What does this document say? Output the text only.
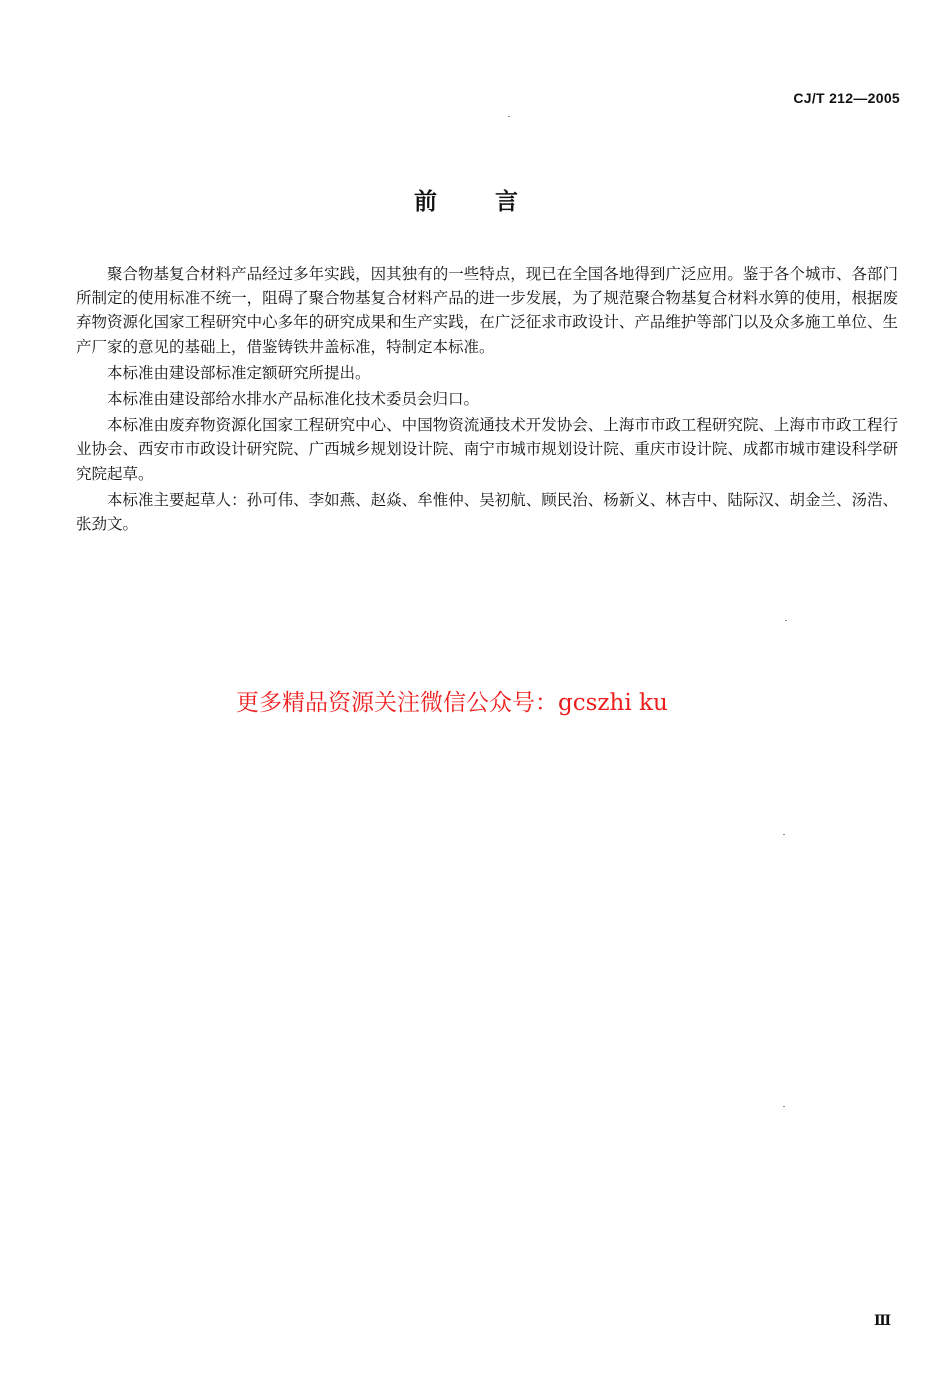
CJ/T 212—2005
前言

聚合物基复合材料产品经过多年实践，因其独有的一些特点，现已在全国各地得到广泛应用。鉴于各个城市、各部门所制定的使用标准不统一，阻碍了聚合物基复合材料产品的进一步发展，为了规范聚合物基复合材料水箅的使用，根据废弃物资源化国家工程研究中心多年的研究成果和生产实践，在广泛征求市政设计、产品维护等部门以及众多施工单位、生产厂家的意见的基础上，借鉴铸铁井盖标准，特制定本标准。

本标准由建设部标准定额研究所提出。

本标准由建设部给水排水产品标准化技术委员会归口。

本标准由废弃物资源化国家工程研究中心、中国物资流通技术开发协会、上海市市政工程研究院、上海市市政工程行业协会、西安市市政设计研究院、广西城乡规划设计院、南宁市城市规划设计院、重庆市设计院、成都市城市建设科学研究院起草。

本标准主要起草人：孙可伟、李如燕、赵焱、牟惟仲、吴初航、顾民治、杨新义、林吉中、陆际汉、胡金兰、汤浩、张劲文。

更多精品资源关注微信公众号：gcszhi ku
Ⅲ
